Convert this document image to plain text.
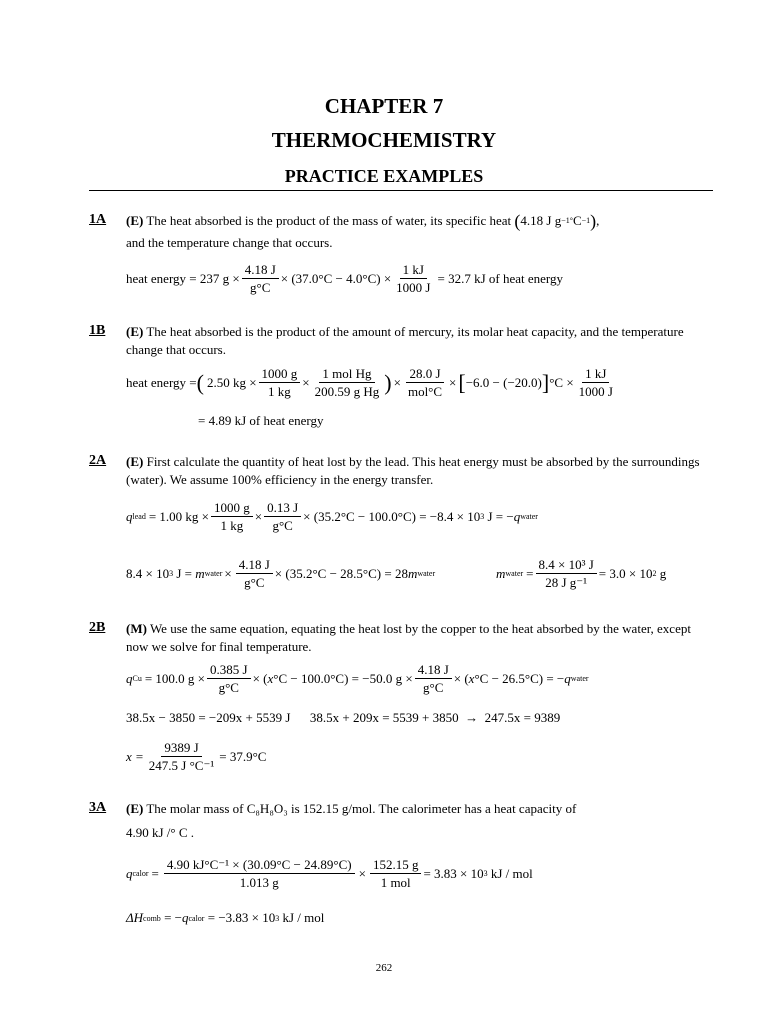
CHAPTER 7
THERMOCHEMISTRY
PRACTICE EXAMPLES
1A (E) The heat absorbed is the product of the mass of water, its specific heat ( 4.18 J g −1° C −1 ) ,
and the temperature change that occurs.
heat energy = 237 $g \times \frac{4.18 J}{g^\circ C} \times (37.0^\circ C - 4.0^\circ C) \times \frac{1 kJ}{1000 J} = 32.7$ kJ of heat energy
1B (E) The heat absorbed is the product of the amount of mercury, its molar heat capacity, and the temperature change that occurs.
heat energy = ( 2.50 kg × $\frac{1000 g}{1 kg} \times \frac{\text{1 mol Hg}}{\text{200.59 g Hg}}$ ) × $\frac{28.0 J}{\text{mol°C}}$ × [ −6.0 − (−20.0) ] $^\circ C \times \frac{1 kJ}{1000 J}$
= 4.89 kJ of heat energy
2A (E) First calculate the quantity of heat lost by the lead. This heat energy must be absorbed by the surroundings (water). We assume 100% efficiency in the energy transfer.
q lead = 1.00 kg × $\frac{1000 g}{1 kg} \times \frac{0.13 J}{g^\circ C} \times (35.2^\circ C - 100.0^\circ C) = -8.4 \times 10$ 3 J = − q water
8.4 × 10 3 J = m water × $\frac{4.18 J}{g^\circ C} \times (35.2^\circ C - 28.5^\circ C) = 28$ m water	m water = $\frac{\text{8.4 × 10³ J}}{\text{28 J g⁻¹}} = 3.0 \times 10$ 2 g
2B (M) We use the same equation, equating the heat lost by the copper to the heat absorbed by the water, except now we solve for final temperature.
q Cu = 100.0 $g \times \frac{0.385 J}{g^\circ C}$ × ( x °C − 100.0°C) = −50.0 $g \times \frac{4.18 J}{g^\circ C}$ × ( x °C − 26.5°C) = − q water
38.5x − 3850 = −209x + 5539 J      38.5x + 209x = 5539 + 3850  →  247.5x = 9389
$x = \frac{9389 J}{\text{247.5 J °C⁻¹}} = 37.9^\circ C$
3A (E) The molar mass of C₈H₈O₃ is 152.15 g/mol. The calorimeter has a heat capacity of
4.90 kJ /° C .
q calor = $\frac{\text{4.90 kJ°C⁻¹ × (30.09°C − 24.89°C)}}{1.013 g} \times \frac{152.15 g}{\text{1 mol}} = 3.83 \times 10$ 3 kJ / mol
ΔH comb = − q calor = −3.83 × 10 3 kJ / mol
262
